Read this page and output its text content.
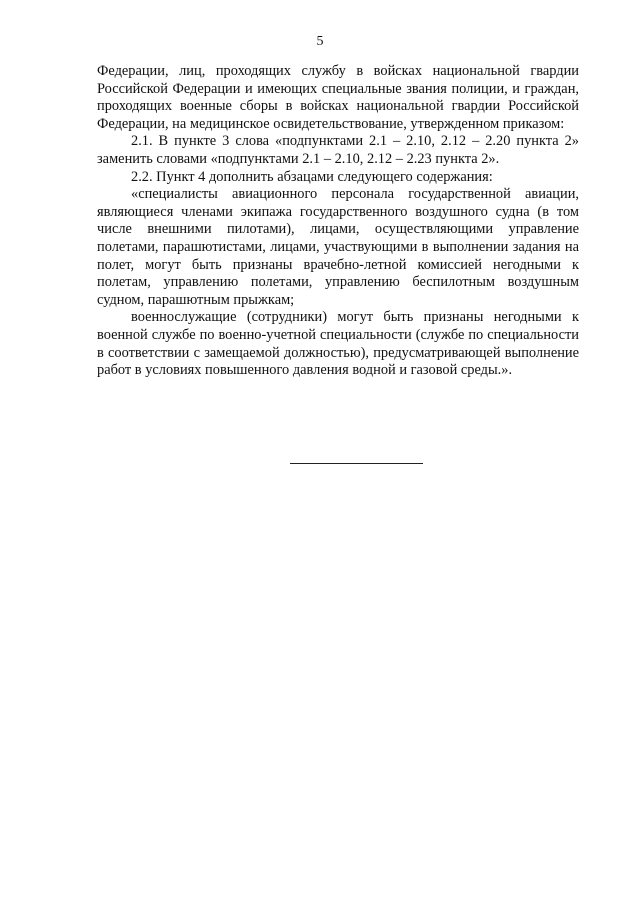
5

Федерации, лиц, проходящих службу в войсках национальной гвардии Российской Федерации и имеющих специальные звания полиции, и граждан, проходящих военные сборы в войсках национальной гвардии Российской Федерации, на медицинское освидетельствование, утвержденном приказом:

2.1. В пункте 3 слова «подпунктами 2.1 – 2.10, 2.12 – 2.20 пункта 2» заменить словами «подпунктами 2.1 – 2.10, 2.12 – 2.23 пункта 2».

2.2. Пункт 4 дополнить абзацами следующего содержания:

«специалисты авиационного персонала государственной авиации, являющиеся членами экипажа государственного воздушного судна (в том числе внешними пилотами), лицами, осуществляющими управление полетами, парашютистами, лицами, участвующими в выполнении задания на полет, могут быть признаны врачебно-летной комиссией негодными к полетам, управлению полетами, управлению беспилотным воздушным судном, парашютным прыжкам;

военнослужащие (сотрудники) могут быть признаны негодными к военной службе по военно-учетной специальности (службе по специальности в соответствии с замещаемой должностью), предусматривающей выполнение работ в условиях повышенного давления водной и газовой среды.».
